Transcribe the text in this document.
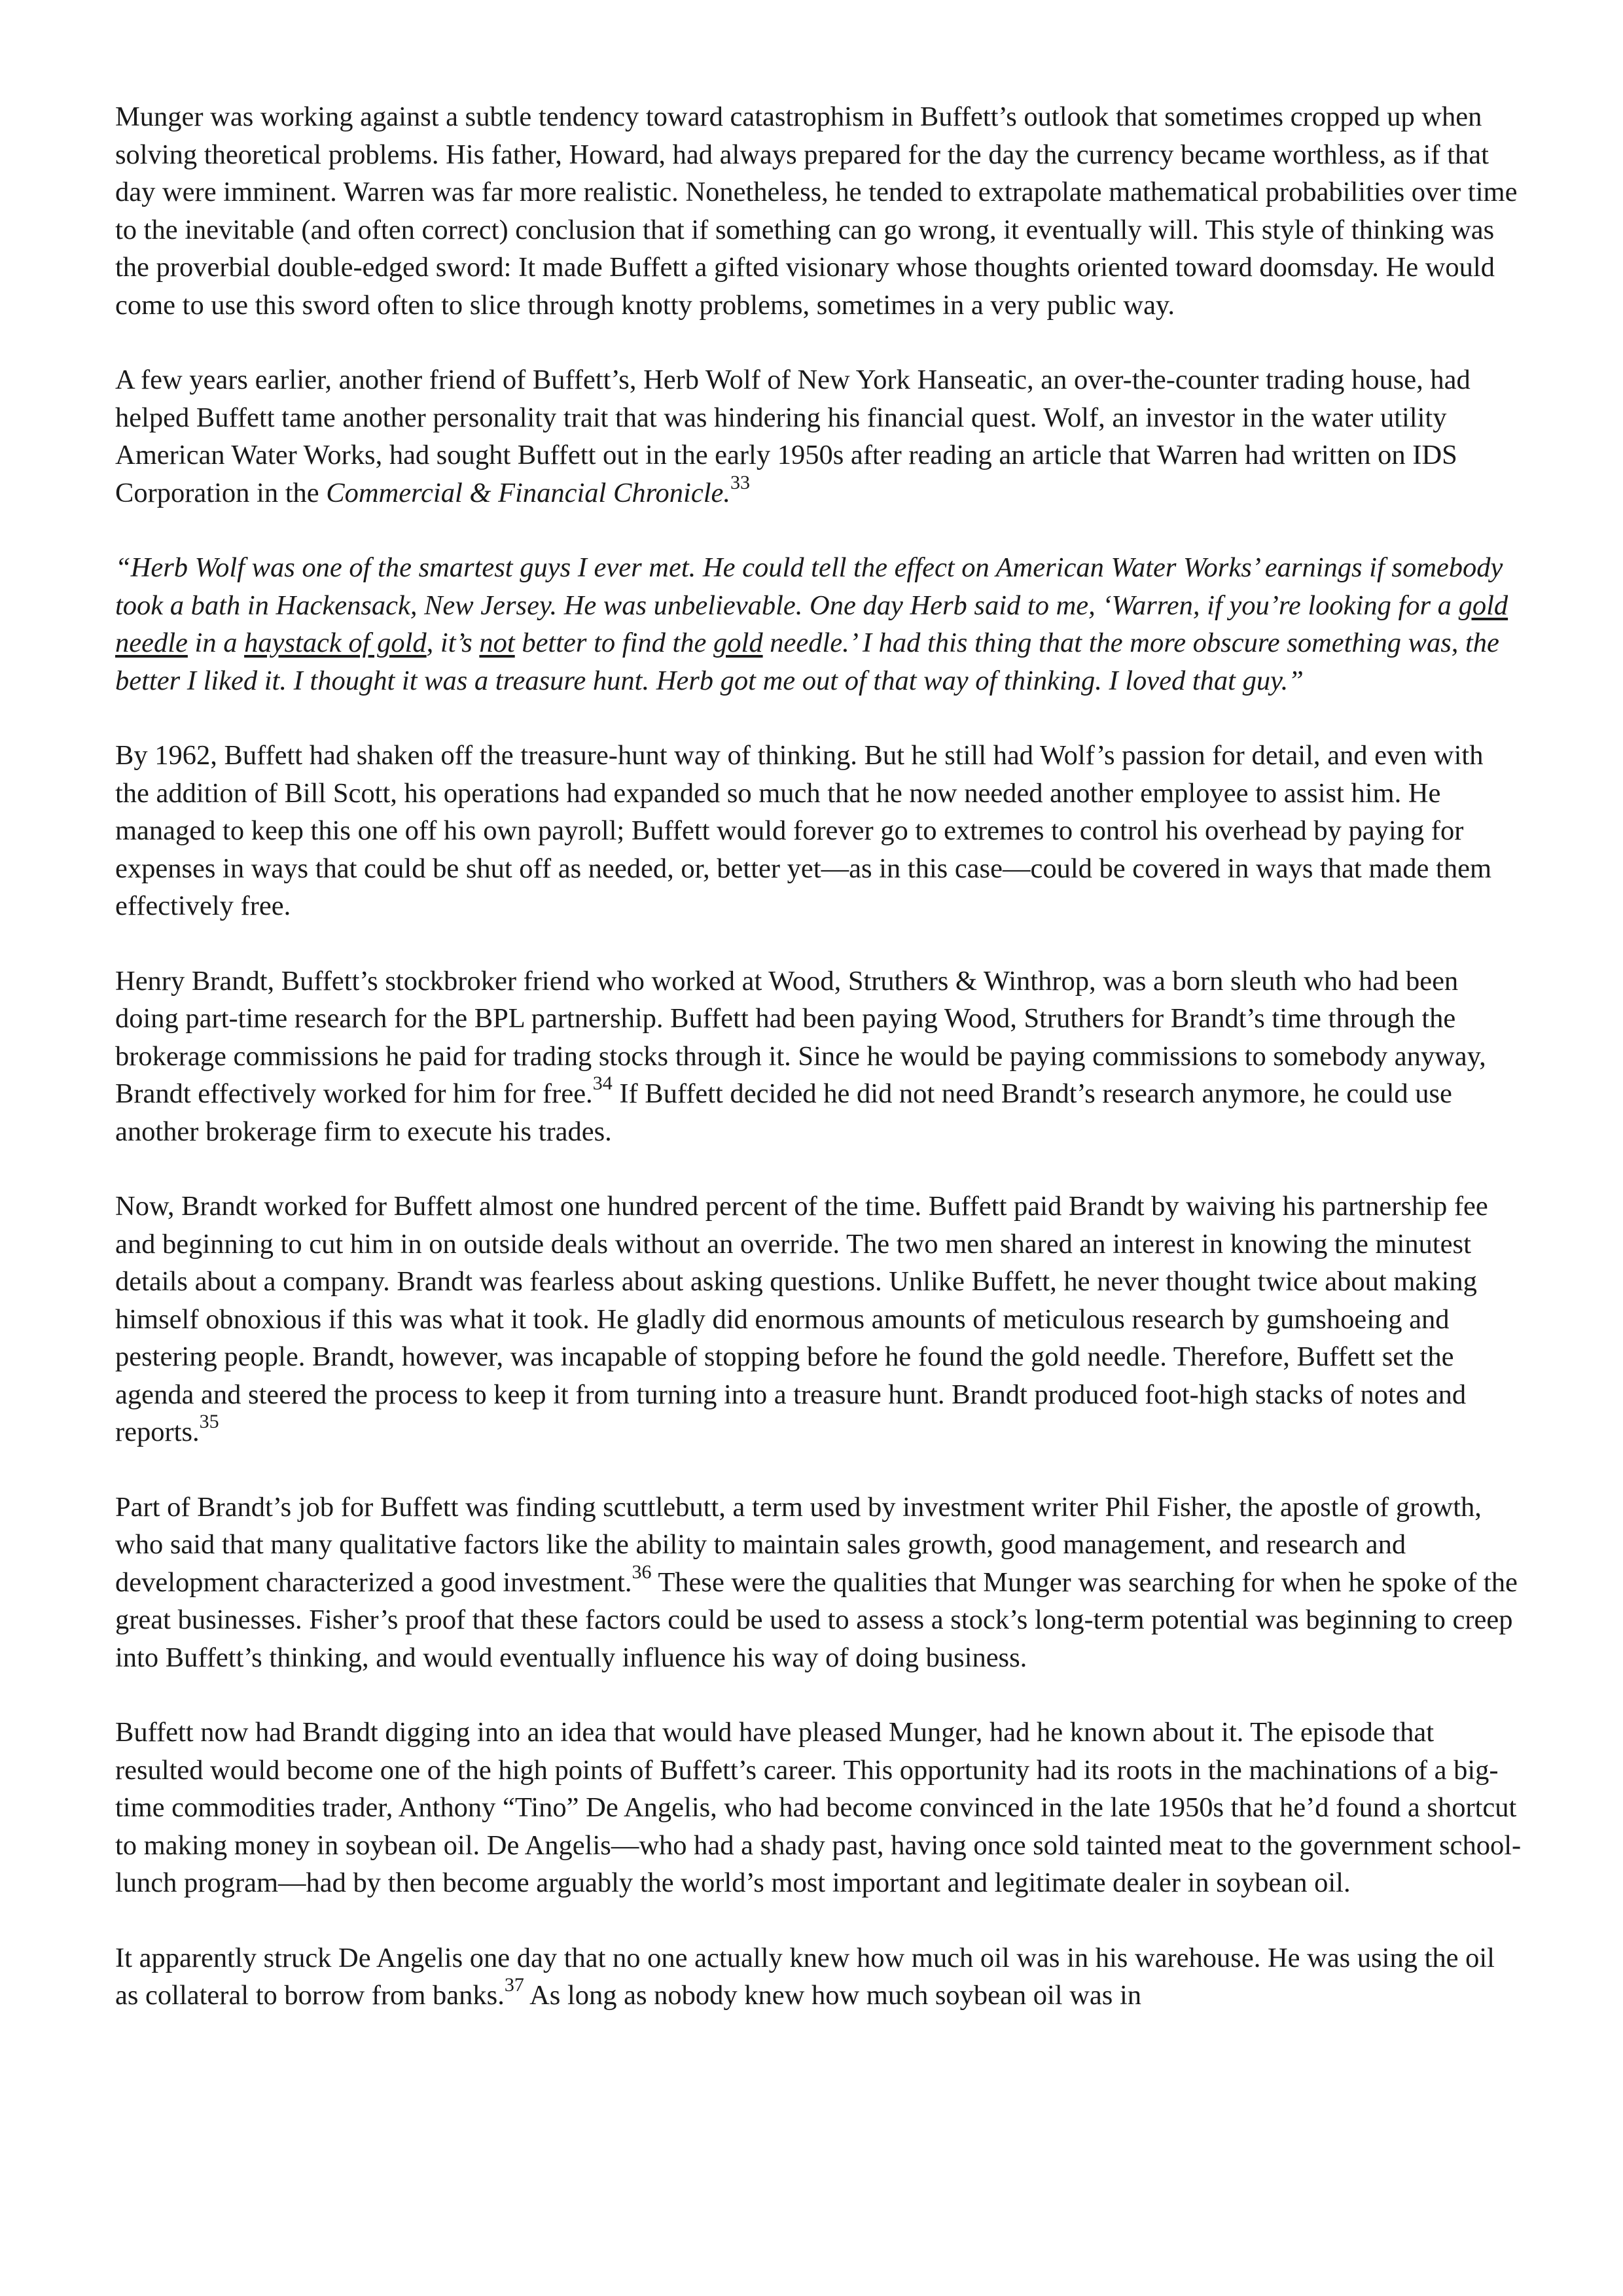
Munger was working against a subtle tendency toward catastrophism in Buffett’s outlook that sometimes cropped up when solving theoretical problems. His father, Howard, had always prepared for the day the currency became worthless, as if that day were imminent. Warren was far more realistic. Nonetheless, he tended to extrapolate mathematical probabilities over time to the inevitable (and often correct) conclusion that if something can go wrong, it eventually will. This style of thinking was the proverbial double-edged sword: It made Buffett a gifted visionary whose thoughts oriented toward doomsday. He would come to use this sword often to slice through knotty problems, sometimes in a very public way.

A few years earlier, another friend of Buffett’s, Herb Wolf of New York Hanseatic, an over-the-counter trading house, had helped Buffett tame another personality trait that was hindering his financial quest. Wolf, an investor in the water utility American Water Works, had sought Buffett out in the early 1950s after reading an article that Warren had written on IDS Corporation in the Commercial & Financial Chronicle.$^{33}$

“Herb Wolf was one of the smartest guys I ever met. He could tell the effect on American Water Works’ earnings if somebody took a bath in Hackensack, New Jersey. He was unbelievable. One day Herb said to me, ‘Warren, if you’re looking for a gold needle in a haystack of gold, it’s not better to find the gold needle.’ I had this thing that the more obscure something was, the better I liked it. I thought it was a treasure hunt. Herb got me out of that way of thinking. I loved that guy.”

By 1962, Buffett had shaken off the treasure-hunt way of thinking. But he still had Wolf’s passion for detail, and even with the addition of Bill Scott, his operations had expanded so much that he now needed another employee to assist him. He managed to keep this one off his own payroll; Buffett would forever go to extremes to control his overhead by paying for expenses in ways that could be shut off as needed, or, better yet—as in this case—could be covered in ways that made them effectively free.

Henry Brandt, Buffett’s stockbroker friend who worked at Wood, Struthers & Winthrop, was a born sleuth who had been doing part-time research for the BPL partnership. Buffett had been paying Wood, Struthers for Brandt’s time through the brokerage commissions he paid for trading stocks through it. Since he would be paying commissions to somebody anyway, Brandt effectively worked for him for free.$^{34}$ If Buffett decided he did not need Brandt’s research anymore, he could use another brokerage firm to execute his trades.

Now, Brandt worked for Buffett almost one hundred percent of the time. Buffett paid Brandt by waiving his partnership fee and beginning to cut him in on outside deals without an override. The two men shared an interest in knowing the minutest details about a company. Brandt was fearless about asking questions. Unlike Buffett, he never thought twice about making himself obnoxious if this was what it took. He gladly did enormous amounts of meticulous research by gumshoeing and pestering people. Brandt, however, was incapable of stopping before he found the gold needle. Therefore, Buffett set the agenda and steered the process to keep it from turning into a treasure hunt. Brandt produced foot-high stacks of notes and reports.$^{35}$

Part of Brandt’s job for Buffett was finding scuttlebutt, a term used by investment writer Phil Fisher, the apostle of growth, who said that many qualitative factors like the ability to maintain sales growth, good management, and research and development characterized a good investment.$^{36}$ These were the qualities that Munger was searching for when he spoke of the great businesses. Fisher’s proof that these factors could be used to assess a stock’s long-term potential was beginning to creep into Buffett’s thinking, and would eventually influence his way of doing business.

Buffett now had Brandt digging into an idea that would have pleased Munger, had he known about it. The episode that resulted would become one of the high points of Buffett’s career. This opportunity had its roots in the machinations of a big-time commodities trader, Anthony “Tino” De Angelis, who had become convinced in the late 1950s that he’d found a shortcut to making money in soybean oil. De Angelis—who had a shady past, having once sold tainted meat to the government school-lunch program—had by then become arguably the world’s most important and legitimate dealer in soybean oil.

It apparently struck De Angelis one day that no one actually knew how much oil was in his warehouse. He was using the oil as collateral to borrow from banks.$^{37}$ As long as nobody knew how much soybean oil was in
